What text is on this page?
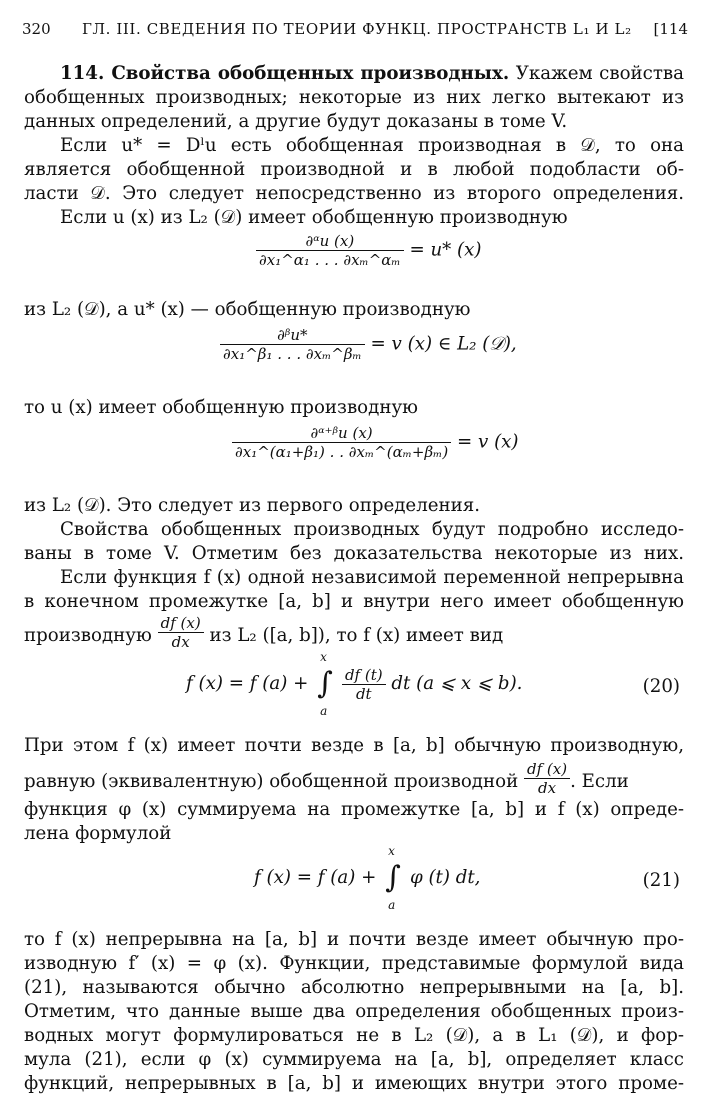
320 ГЛ. III. СВЕДЕНИЯ ПО ТЕОРИИ ФУНКЦ. ПРОСТРАНСТВ L₁ И L₂ [114
114. Свойства обобщенных производных. Укажем свойства
обобщенных производных; некоторые из них легко вытекают из
данных определений, а другие будут доказаны в томе V.
Если u* = Dˡu есть обобщенная производная в 𝒟, то она
является обобщенной производной и в любой подобласти об-
ласти 𝒟. Это следует непосредственно из второго определения.
Если u (x) из L₂ (𝒟) имеет обобщенную производную
$\frac{\text{∂ᵅu (x)}}{\text{∂x₁\textasciicircum{}α₁ . . . ∂xₘ\textasciicircum{}αₘ}} = u*$ (x)
из L₂ (𝒟), а u* (x) — обобщенную производную
$\frac{\text{∂ᵝu*}}{\text{∂x₁\textasciicircum{}β₁ . . . ∂xₘ\textasciicircum{}βₘ}} = v$ (x) ∈ L₂ (𝒟),
то u (x) имеет обобщенную производную
$\frac{\text{∂ᵅ⁺ᵝu (x)}}{\text{∂x₁\textasciicircum{}(α₁+β₁) . . ∂xₘ\textasciicircum{}(αₘ+βₘ)}} = v$ (x)
из L₂ (𝒟). Это следует из первого определения.
Свойства обобщенных производных будут подробно исследо-
ваны в томе V. Отметим без доказательства некоторые из них.
Если функция f (x) одной независимой переменной непрерывна
в конечном промежутке [a, b] и внутри него имеет обобщенную
производную $\frac{df (x)}{dx}$ из L₂ ([a, b]), то f (x) имеет вид
f (x) = f (a) +
x
∫
a

$\frac{df (t)}{dt}$ dt (a ⩽ x ⩽ b).	(20)
При этом f (x) имеет почти везде в [a, b] обычную производную,
равную (эквивалентную) обобщенной производной $\frac{df (x)}{dx}$ . Если
функция φ (x) суммируема на промежутке [a, b] и f (x) опреде-
лена формулой
f (x) = f (a) +
x
∫
a
φ (t) dt,	(21)
то f (x) непрерывна на [a, b] и почти везде имеет обычную про-
изводную f′ (x) = φ (x). Функции, представимые формулой вида
(21), называются обычно абсолютно непрерывными на [a, b].
Отметим, что данные выше два определения обобщенных произ-
водных могут формулироваться не в L₂ (𝒟), а в L₁ (𝒟), и фор-
мула (21), если φ (x) суммируема на [a, b], определяет класс
функций, непрерывных в [a, b] и имеющих внутри этого проме-
